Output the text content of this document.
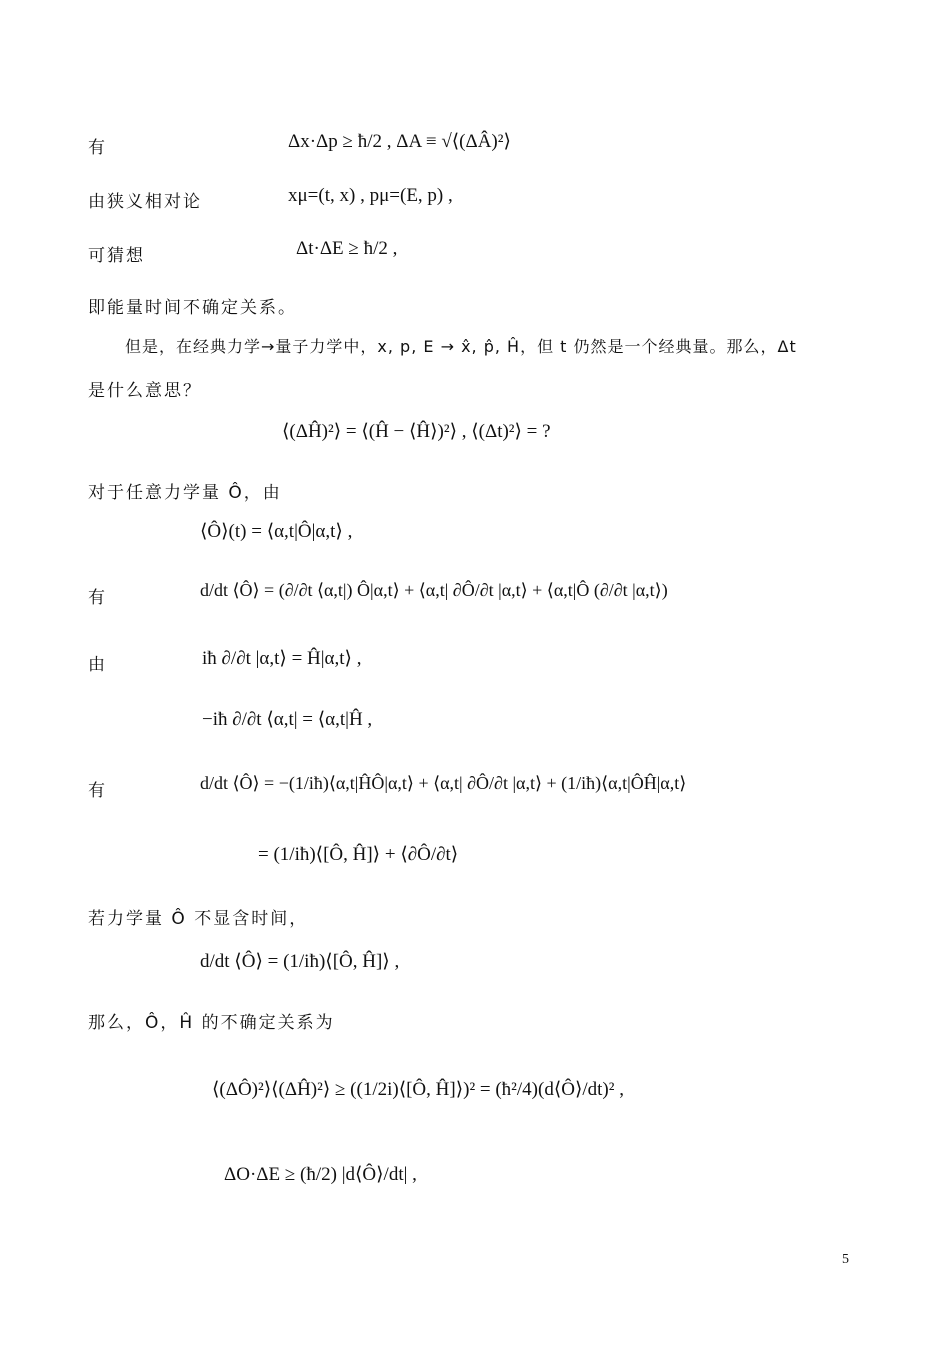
有	Δx·Δp ≥ ħ/2 , ΔA ≡ √⟨(ΔÂ)²⟩
由狭义相对论	xμ=(t, x) , pμ=(E, p) ,
可猜想	Δt·ΔE ≥ ħ/2 ,
即能量时间不确定关系。
但是，在经典力学→量子力学中，x, p, E → x̂, p̂, Ĥ，但 t 仍然是一个经典量。那么，Δt
是什么意思？
⟨(ΔĤ)²⟩ = ⟨(Ĥ − ⟨Ĥ⟩)²⟩ , ⟨(Δt)²⟩ = ?
对于任意力学量 Ô，由
⟨Ô⟩(t) = ⟨α,t|Ô|α,t⟩ ,
有	d/dt ⟨Ô⟩ = (∂/∂t ⟨α,t|) Ô|α,t⟩ + ⟨α,t| ∂Ô/∂t |α,t⟩ + ⟨α,t|Ô (∂/∂t |α,t⟩)
由	iħ ∂/∂t |α,t⟩ = Ĥ|α,t⟩ ,
−iħ ∂/∂t ⟨α,t| = ⟨α,t|Ĥ ,
有	d/dt ⟨Ô⟩ = −(1/iħ)⟨α,t|ĤÔ|α,t⟩ + ⟨α,t| ∂Ô/∂t |α,t⟩ + (1/iħ)⟨α,t|ÔĤ|α,t⟩
= (1/iħ)⟨[Ô, Ĥ]⟩ + ⟨∂Ô/∂t⟩
若力学量 Ô 不显含时间，
d/dt ⟨Ô⟩ = (1/iħ)⟨[Ô, Ĥ]⟩ ,
那么，Ô，Ĥ 的不确定关系为
⟨(ΔÔ)²⟩⟨(ΔĤ)²⟩ ≥ ((1/2i)⟨[Ô, Ĥ]⟩)² = (ħ²/4)(d⟨Ô⟩/dt)² ,
ΔO·ΔE ≥ (ħ/2) |d⟨Ô⟩/dt| ,
5
